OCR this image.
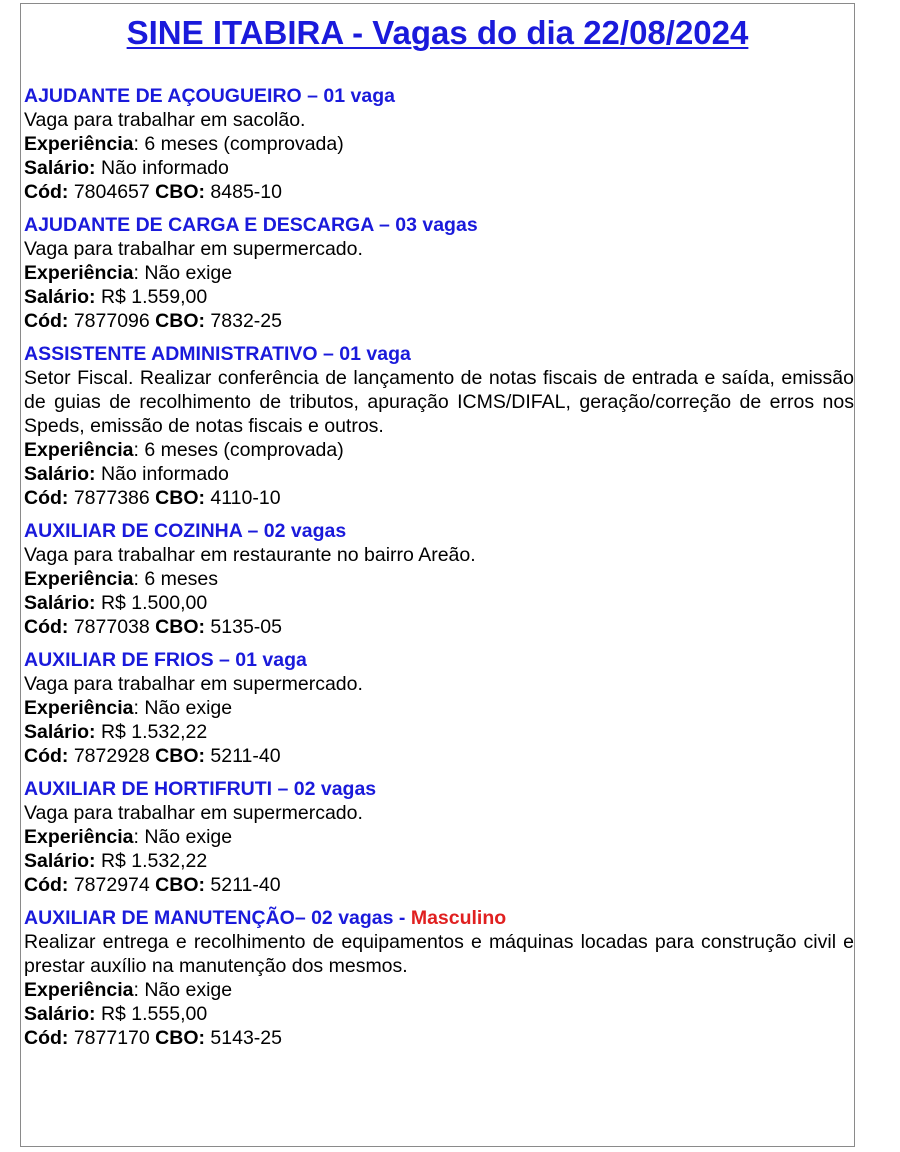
SINE ITABIRA - Vagas do dia 22/08/2024
AJUDANTE DE AÇOUGUEIRO – 01 vaga
Vaga para trabalhar em sacolão.
Experiência: 6 meses (comprovada)
Salário: Não informado
Cód: 7804657 CBO: 8485-10
AJUDANTE DE CARGA E DESCARGA – 03 vagas
Vaga para trabalhar em supermercado.
Experiência: Não exige
Salário: R$ 1.559,00
Cód: 7877096 CBO: 7832-25
ASSISTENTE ADMINISTRATIVO – 01 vaga
Setor Fiscal. Realizar conferência de lançamento de notas fiscais de entrada e saída, emissão de guias de recolhimento de tributos, apuração ICMS/DIFAL, geração/correção de erros nos Speds, emissão de notas fiscais e outros.
Experiência: 6 meses (comprovada)
Salário: Não informado
Cód: 7877386 CBO: 4110-10
AUXILIAR DE COZINHA – 02 vagas
Vaga para trabalhar em restaurante no bairro Areão.
Experiência: 6 meses
Salário: R$ 1.500,00
Cód: 7877038 CBO: 5135-05
AUXILIAR DE FRIOS – 01 vaga
Vaga para trabalhar em supermercado.
Experiência: Não exige
Salário: R$ 1.532,22
Cód: 7872928 CBO: 5211-40
AUXILIAR DE HORTIFRUTI – 02 vagas
Vaga para trabalhar em supermercado.
Experiência: Não exige
Salário: R$ 1.532,22
Cód: 7872974 CBO: 5211-40
AUXILIAR DE MANUTENÇÃO– 02 vagas - Masculino
Realizar entrega e recolhimento de equipamentos e máquinas locadas para construção civil e prestar auxílio na manutenção dos mesmos.
Experiência: Não exige
Salário: R$ 1.555,00
Cód: 7877170 CBO: 5143-25
